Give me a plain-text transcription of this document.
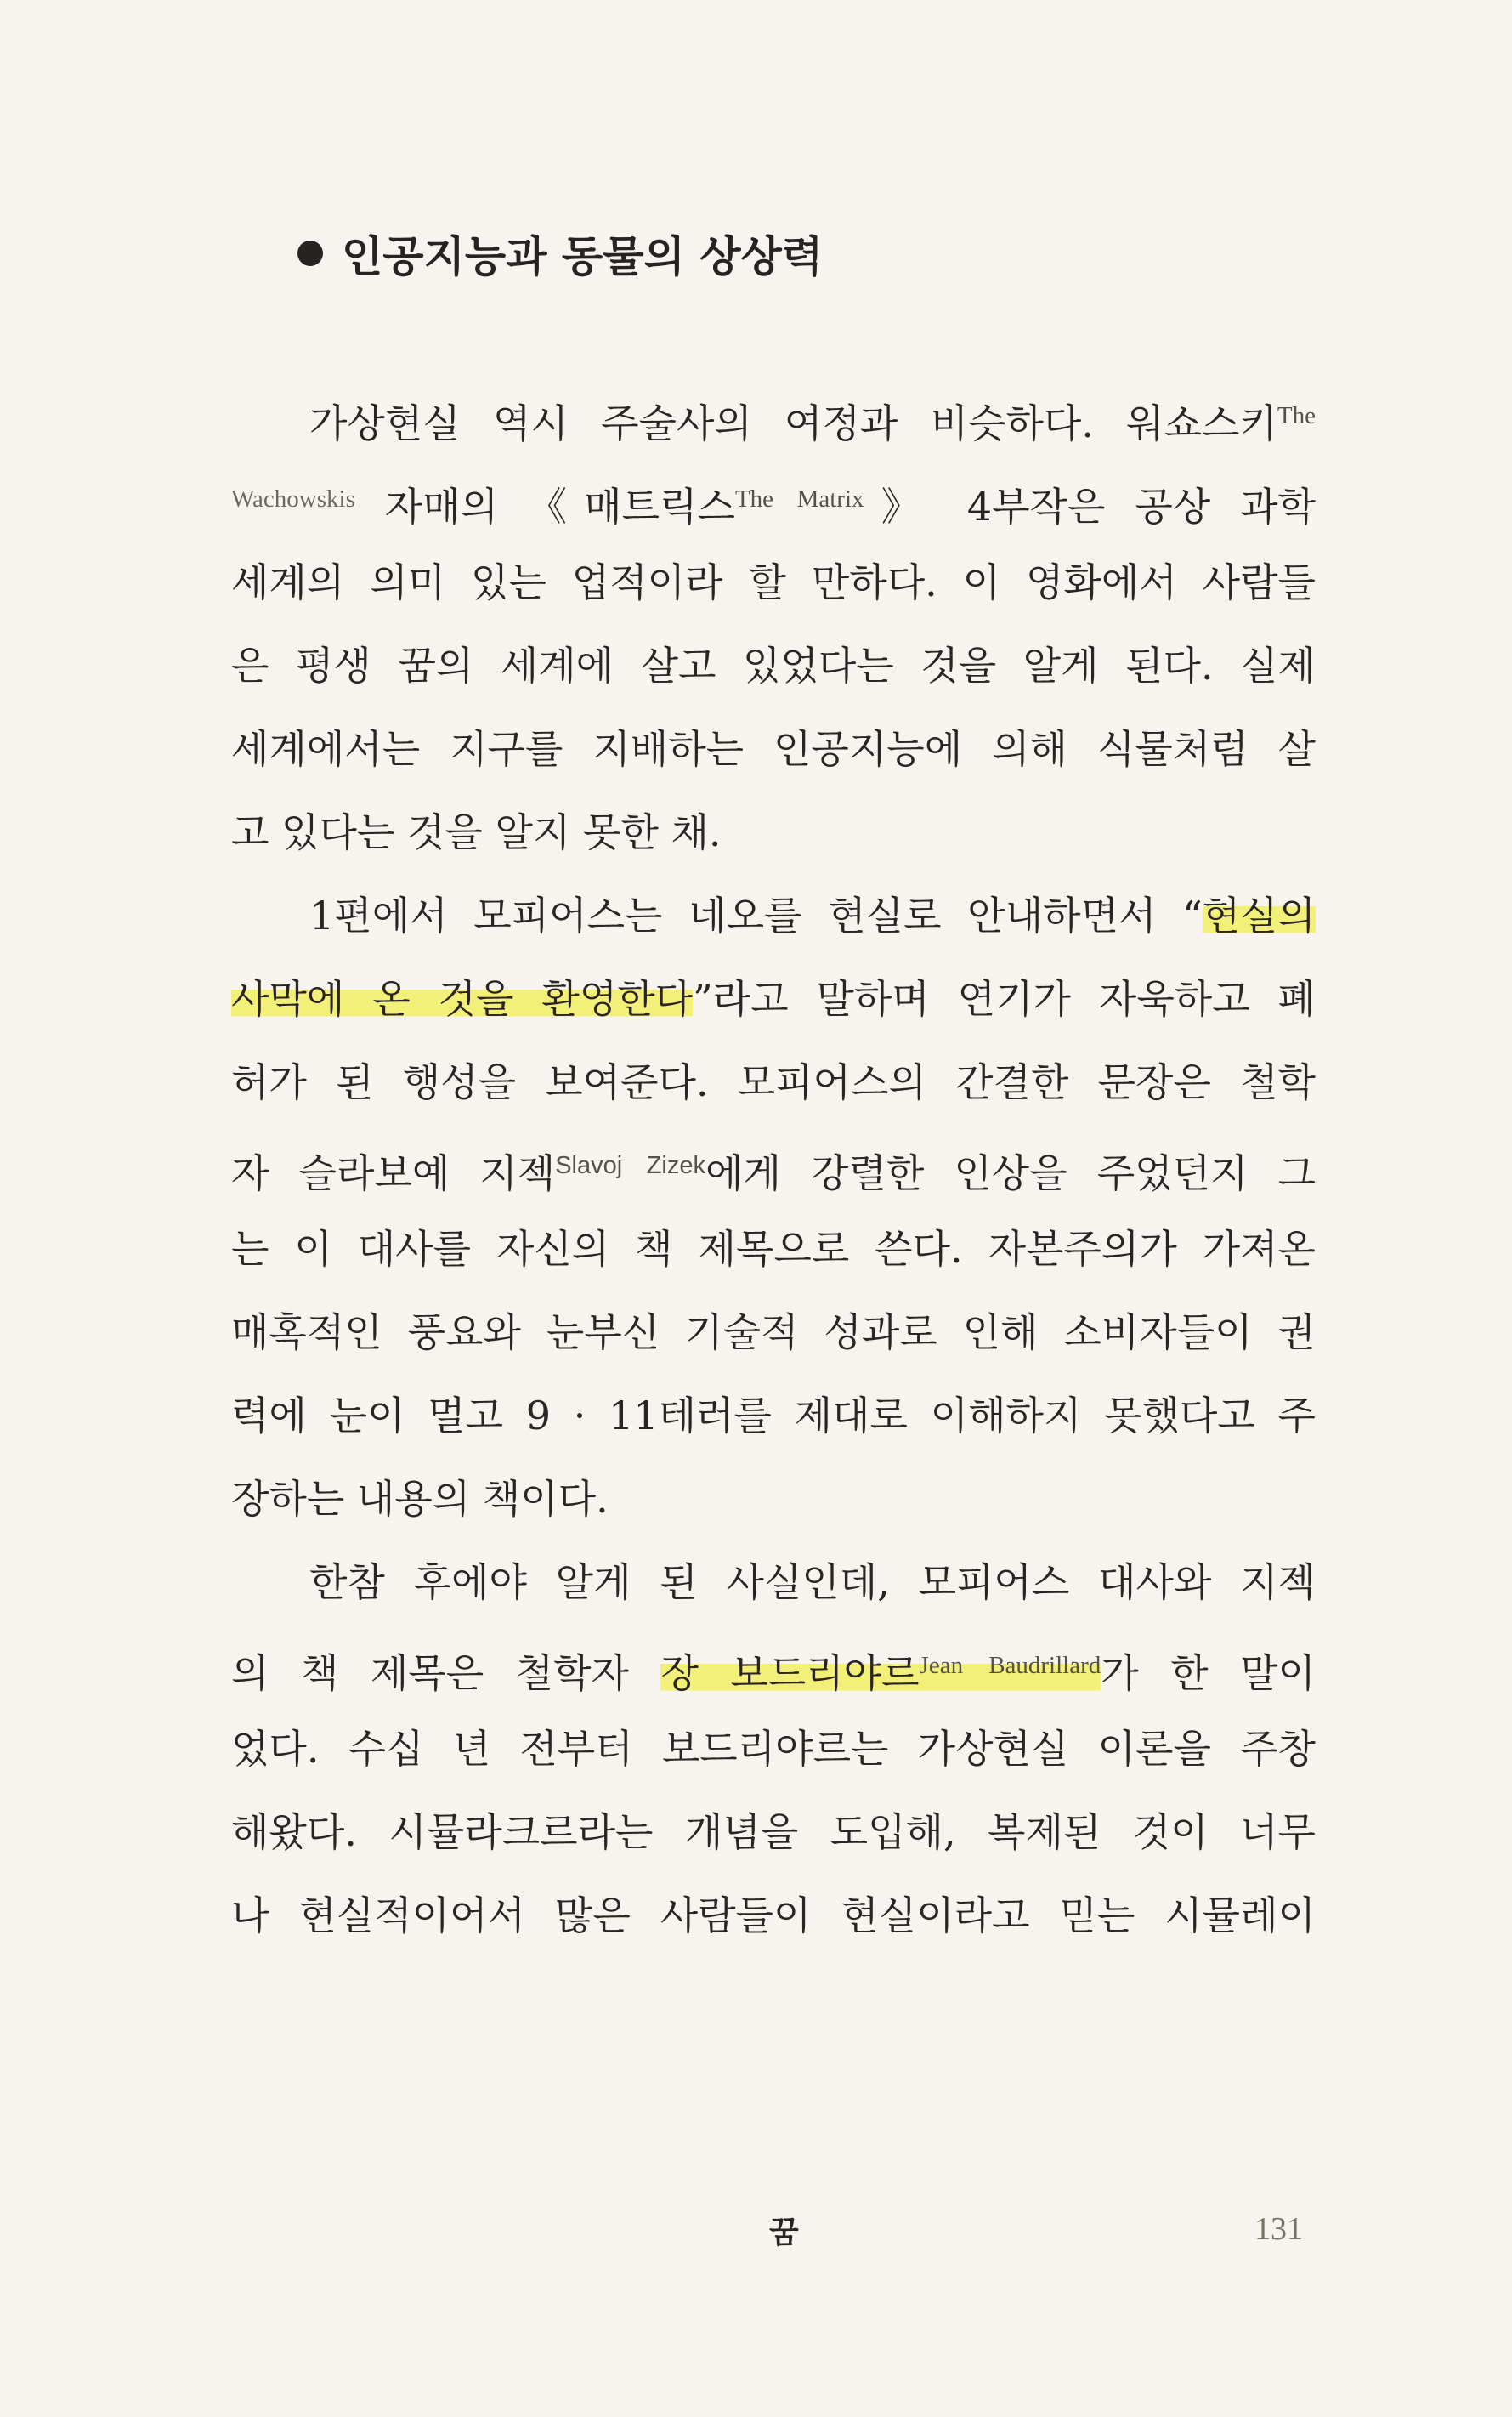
인공지능과 동물의 상상력
가상현실 역시 주술사의 여정과 비슷하다. 워쇼스키$^{The}$
$^{Wachowskis}$ 자매의 《매트릭스$^{The Matrix}$》 4부작은 공상 과학
세계의 의미 있는 업적이라 할 만하다. 이 영화에서 사람들
은 평생 꿈의 세계에 살고 있었다는 것을 알게 된다. 실제
세계에서는 지구를 지배하는 인공지능에 의해 식물처럼 살
고 있다는 것을 알지 못한 채.
1편에서 모피어스는 네오를 현실로 안내하면서 “현실의
사막에 온 것을 환영한다”라고 말하며 연기가 자욱하고 폐
허가 된 행성을 보여준다. 모피어스의 간결한 문장은 철학
자 슬라보예 지젝$^{Slavoj Zizek}$에게 강렬한 인상을 주었던지 그
는 이 대사를 자신의 책 제목으로 쓴다. 자본주의가 가져온
매혹적인 풍요와 눈부신 기술적 성과로 인해 소비자들이 권
력에 눈이 멀고 9 · 11테러를 제대로 이해하지 못했다고 주
장하는 내용의 책이다.
한참 후에야 알게 된 사실인데, 모피어스 대사와 지젝
의 책 제목은 철학자 장 보드리야르$^{Jean Baudrillard}$가 한 말이
었다. 수십 년 전부터 보드리야르는 가상현실 이론을 주창
해왔다. 시뮬라크르라는 개념을 도입해, 복제된 것이 너무
나 현실적이어서 많은 사람들이 현실이라고 믿는 시뮬레이
꿈	131
